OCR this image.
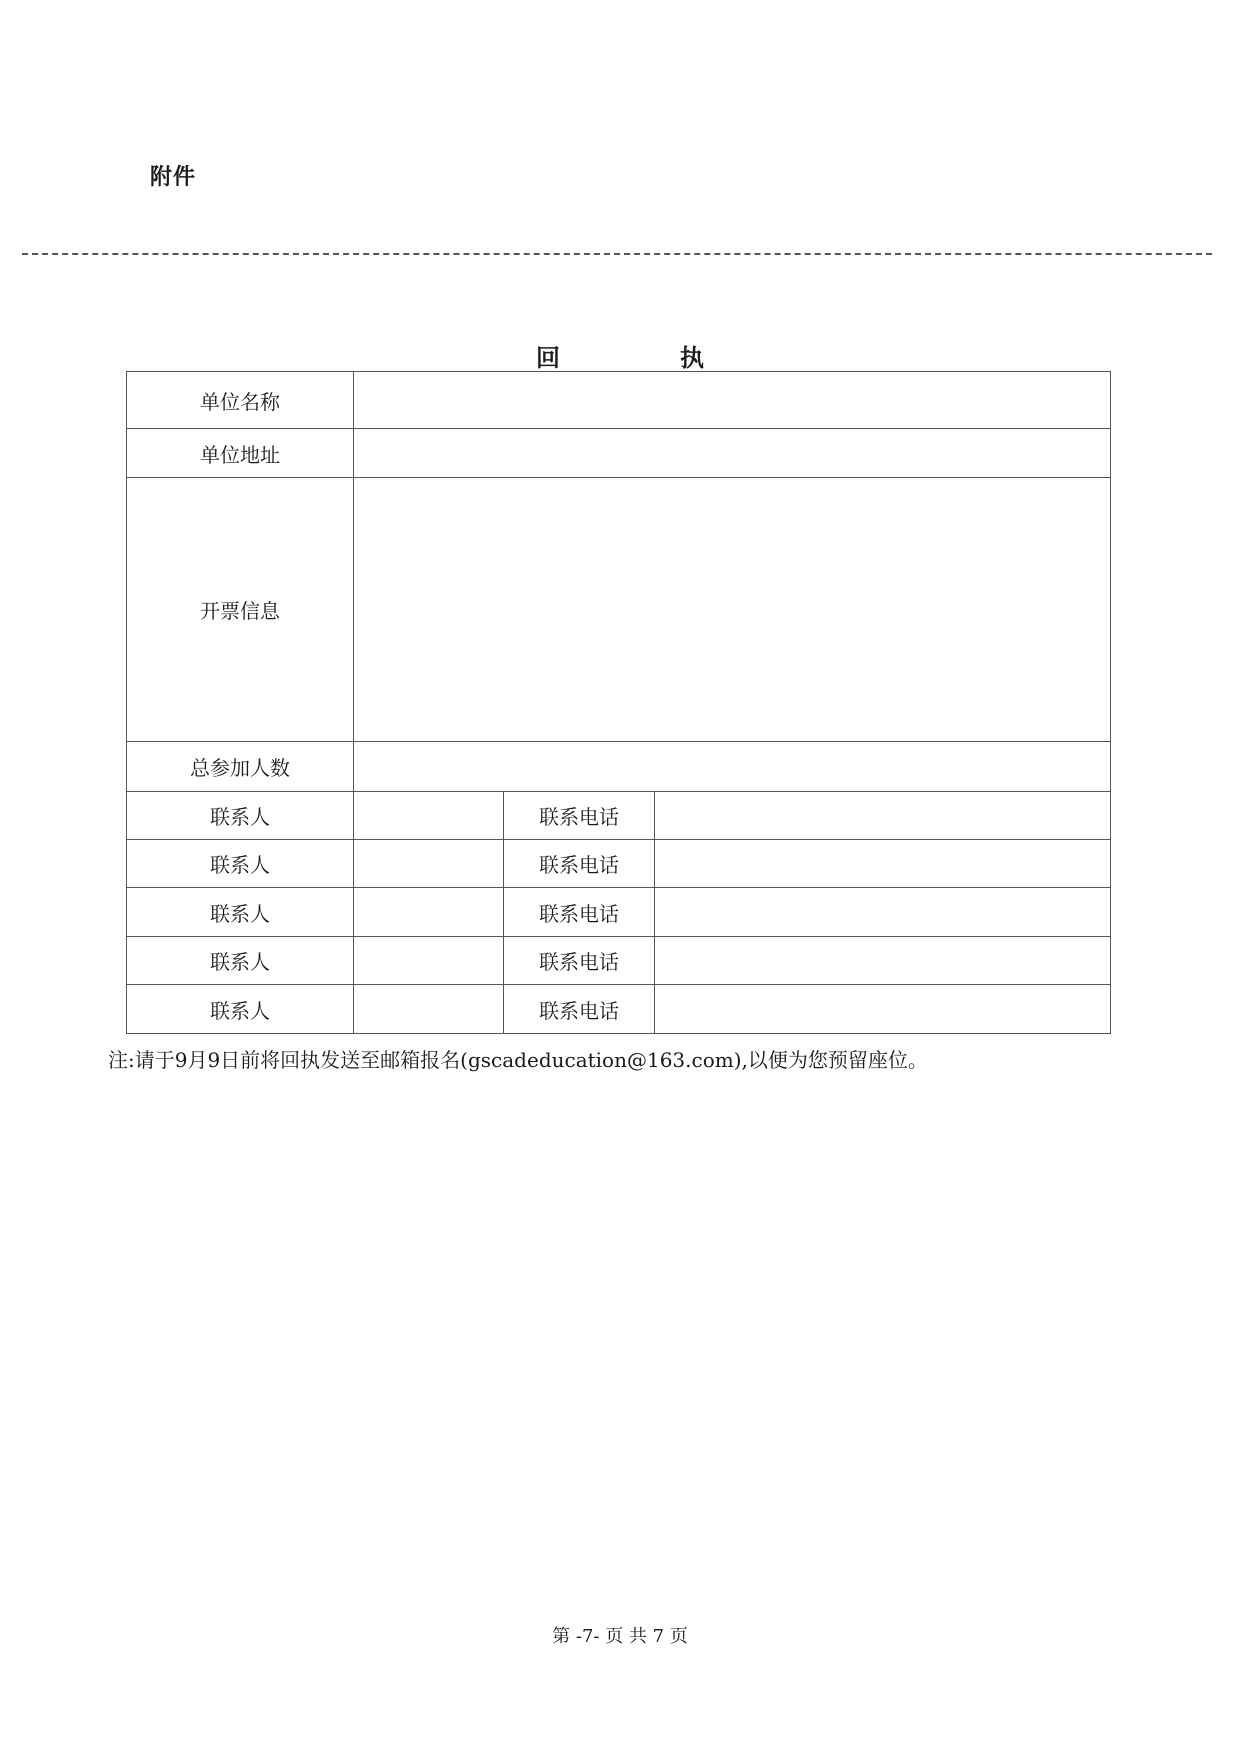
附件
回	执
单位名称			
单位地址			
开票信息			
总参加人数			
联系人		联系电话	
联系人		联系电话	
联系人		联系电话	
联系人		联系电话	
联系人		联系电话	
注:请于9月9日前将回执发送至邮箱报名(gscadeducation@163.com),以便为您预留座位。
第 -7- 页 共 7 页
